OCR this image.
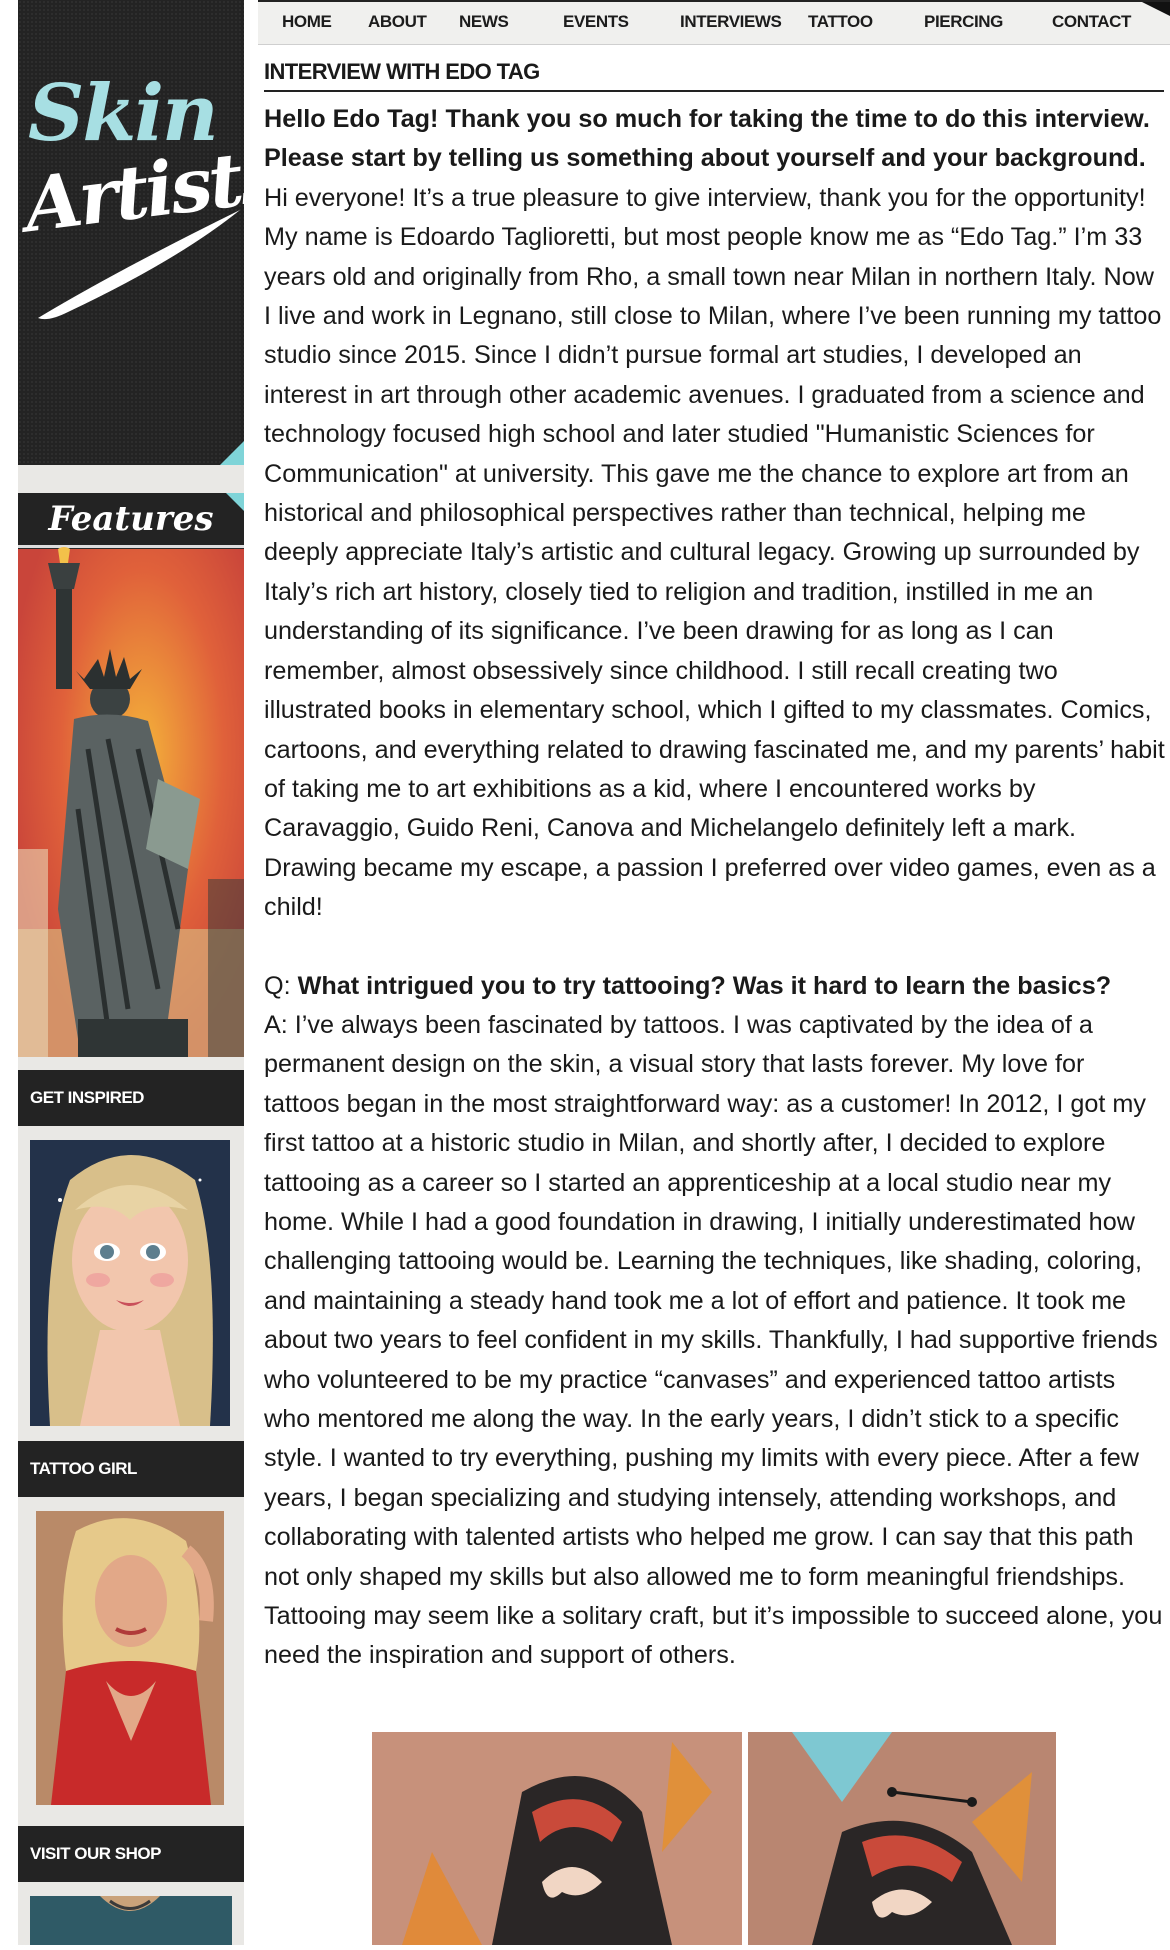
Skin
Artists
Features
GET INSPIRED
TATTOO GIRL
VISIT OUR SHOP
HOME ABOUT NEWS	EVENTS	INTERVIEWS TATTOO	PIERCING	CONTACT
INTERVIEW WITH EDO TAG

Hello Edo Tag! Thank you so much for taking the time to do this interview. Please start by telling us something about yourself and your background. Hi everyone! It’s a true pleasure to give interview, thank you for the opportunity! My name is Edoardo Taglioretti, but most people know me as “Edo Tag.” I’m 33 years old and originally from Rho, a small town near Milan in northern Italy. Now I live and work in Legnano, still close to Milan, where I’ve been running my tattoo studio since 2015. Since I didn’t pursue formal art studies, I developed an interest in art through other academic avenues. I graduated from a science and technology focused high school and later studied "Humanistic Sciences for Communication" at university. This gave me the chance to explore art from an historical and philosophical perspectives rather than technical, helping me deeply appreciate Italy’s artistic and cultural legacy. Growing up surrounded by Italy’s rich art history, closely tied to religion and tradition, instilled in me an understanding of its significance. I’ve been drawing for as long as I can remember, almost obsessively since childhood. I still recall creating two illustrated books in elementary school, which I gifted to my classmates. Comics, cartoons, and everything related to drawing fascinated me, and my parents’ habit of taking me to art exhibitions as a kid, where I encountered works by Caravaggio, Guido Reni, Canova and Michelangelo definitely left a mark. Drawing became my escape, a passion I preferred over video games, even as a child!

Q: What intrigued you to try tattooing? Was it hard to learn the basics?

A: I’ve always been fascinated by tattoos. I was captivated by the idea of a permanent design on the skin, a visual story that lasts forever. My love for tattoos began in the most straightforward way: as a customer! In 2012, I got my first tattoo at a historic studio in Milan, and shortly after, I decided to explore tattooing as a career so I started an apprenticeship at a local studio near my home. While I had a good foundation in drawing, I initially underestimated how challenging tattooing would be. Learning the techniques, like shading, coloring, and maintaining a steady hand took me a lot of effort and patience. It took me about two years to feel confident in my skills. Thankfully, I had supportive friends who volunteered to be my practice “canvases” and experienced tattoo artists who mentored me along the way. In the early years, I didn’t stick to a specific style. I wanted to try everything, pushing my limits with every piece. After a few years, I began specializing and studying intensely, attending workshops, and collaborating with talented artists who helped me grow. I can say that this path not only shaped my skills but also allowed me to form meaningful friendships. Tattooing may seem like a solitary craft, but it’s impossible to succeed alone, you need the inspiration and support of others.
